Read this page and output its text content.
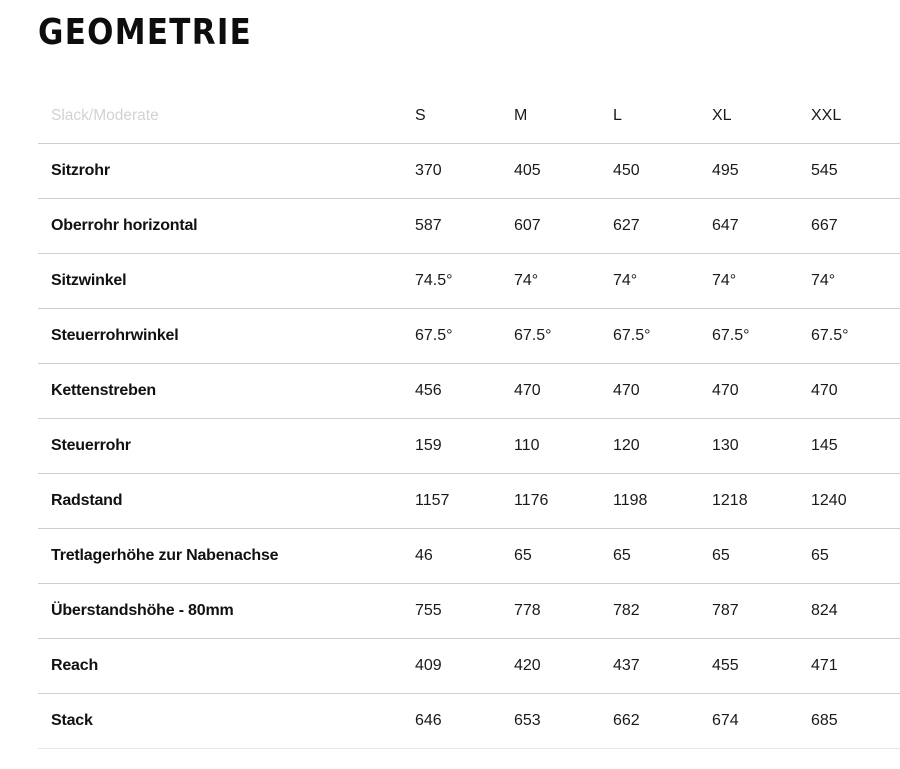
GEOMETRIE
Slack/Moderate	S	M	L	XL	XXL
Sitzrohr	370	405	450	495	545
Oberrohr horizontal	587	607	627	647	667
Sitzwinkel	74.5°	74°	74°	74°	74°
Steuerrohrwinkel	67.5°	67.5°	67.5°	67.5°	67.5°
Kettenstreben	456	470	470	470	470
Steuerrohr	159	110	120	130	145
Radstand	1157	1176	1198	1218	1240
Tretlagerhöhe zur Nabenachse	46	65	65	65	65
Überstandshöhe - 80mm	755	778	782	787	824
Reach	409	420	437	455	471
Stack	646	653	662	674	685
